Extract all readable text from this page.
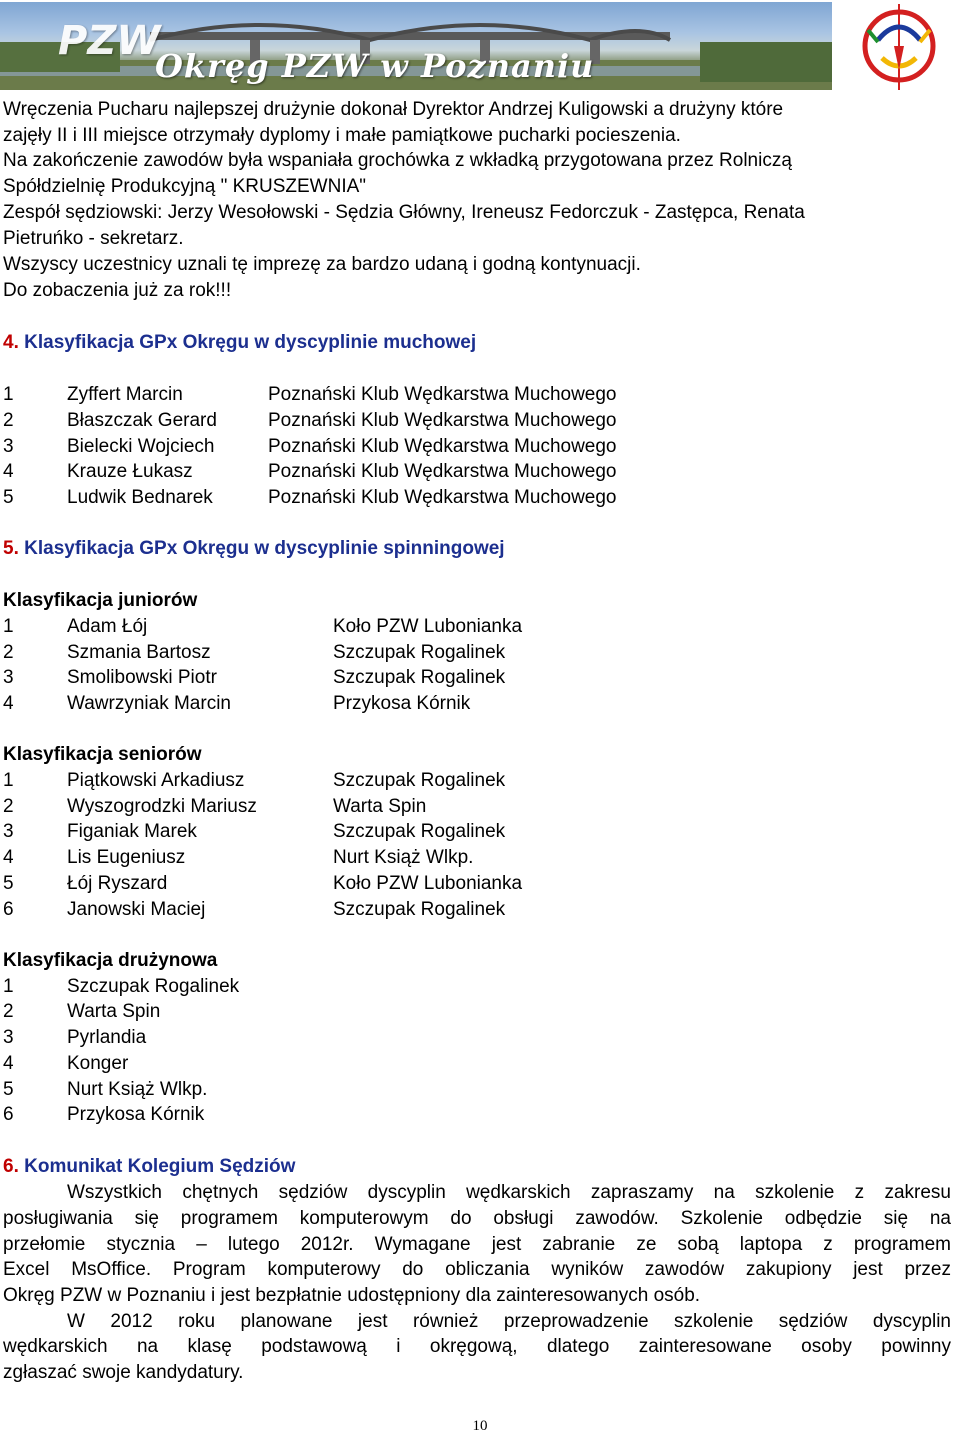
PZW
Okręg PZW w Poznaniu
Wręczenia Pucharu najlepszej drużynie dokonał Dyrektor Andrzej Kuligowski a drużyny które
zajęły II i III miejsce otrzymały dyplomy i małe pamiątkowe pucharki pocieszenia.
Na zakończenie zawodów była wspaniała grochówka z wkładką przygotowana przez Rolniczą
Spółdzielnię Produkcyjną " KRUSZEWNIA"
Zespół sędziowski: Jerzy Wesołowski - Sędzia Główny, Ireneusz Fedorczuk - Zastępca, Renata
Pietruńko - sekretarz.
Wszyscy uczestnicy uznali tę imprezę za bardzo udaną i godną kontynuacji.
Do zobaczenia już za rok!!!
4. Klasyfikacja GPx Okręgu w dyscyplinie muchowej
1	Zyffert Marcin	Poznański Klub Wędkarstwa Muchowego
2	Błaszczak Gerard	Poznański Klub Wędkarstwa Muchowego
3	Bielecki Wojciech	Poznański Klub Wędkarstwa Muchowego
4	Krauze Łukasz	Poznański Klub Wędkarstwa Muchowego
5	Ludwik Bednarek	Poznański Klub Wędkarstwa Muchowego
5. Klasyfikacja GPx Okręgu w dyscyplinie spinningowej
Klasyfikacja juniorów
1	Adam Łój	Koło PZW Lubonianka
2	Szmania Bartosz	Szczupak Rogalinek
3	Smolibowski Piotr	Szczupak Rogalinek
4	Wawrzyniak Marcin	Przykosa Kórnik
Klasyfikacja seniorów
1	Piątkowski Arkadiusz	Szczupak Rogalinek
2	Wyszogrodzki Mariusz	Warta Spin
3	Figaniak Marek	Szczupak Rogalinek
4	Lis Eugeniusz	Nurt Książ Wlkp.
5	Łój Ryszard	Koło PZW Lubonianka
6	Janowski Maciej	Szczupak Rogalinek
Klasyfikacja drużynowa
1	Szczupak Rogalinek
2	Warta Spin
3	Pyrlandia
4	Konger
5	Nurt Książ Wlkp.
6	Przykosa Kórnik
6. Komunikat Kolegium Sędziów
Wszystkich chętnych sędziów dyscyplin wędkarskich zapraszamy na szkolenie z zakresu
posługiwania się programem komputerowym do obsługi zawodów. Szkolenie odbędzie się na
przełomie stycznia – lutego 2012r. Wymagane jest zabranie ze sobą laptopa z programem
Excel MsOffice. Program komputerowy do obliczania wyników zawodów zakupiony jest przez
Okręg PZW w Poznaniu i jest bezpłatnie udostępniony dla zainteresowanych osób.
W 2012 roku planowane jest również przeprowadzenie szkolenie sędziów dyscyplin
wędkarskich na klasę podstawową i okręgową, dlatego zainteresowane osoby powinny
zgłaszać swoje kandydatury.
10
